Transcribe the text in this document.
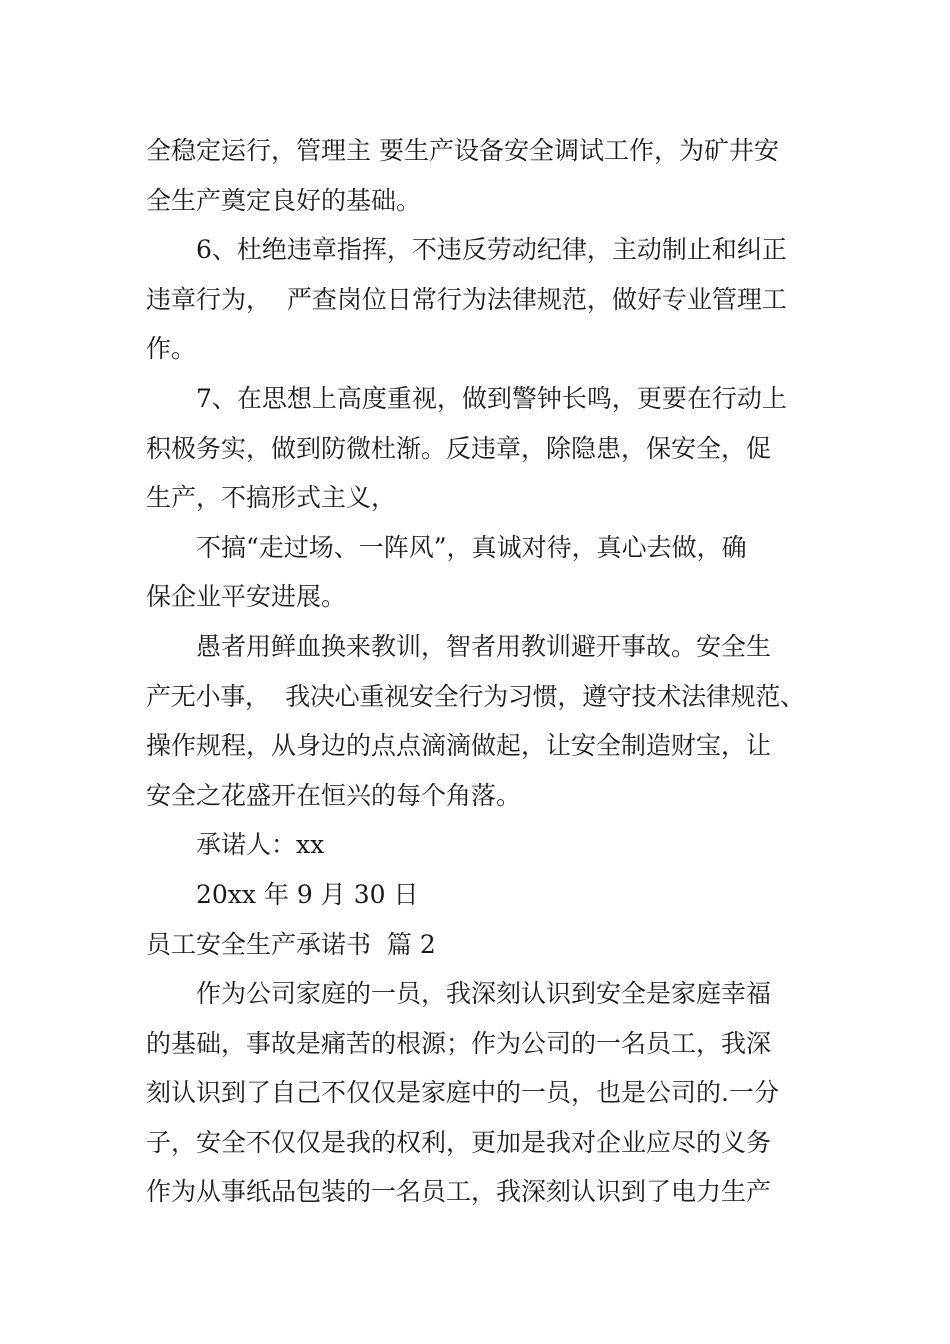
全稳定运行，管理主 要生产设备安全调试工作，为矿井安
全生产奠定良好的基础。
6、杜绝违章指挥，不违反劳动纪律，主动制止和纠正
违章行为，  严查岗位日常行为法律规范，做好专业管理工
作。
7、在思想上高度重视，做到警钟长鸣，更要在行动上
积极务实，做到防微杜渐。反违章，除隐患，保安全，促
生产，不搞形式主义，
不搞“走过场、一阵风”，真诚对待，真心去做，确
保企业平安进展。
愚者用鲜血换来教训，智者用教训避开事故。安全生
产无小事，  我决心重视安全行为习惯，遵守技术法律规范、
操作规程，从身边的点点滴滴做起，让安全制造财宝，让
安全之花盛开在恒兴的每个角落。
承诺人：xx
20xx 年 9 月 30 日
员工安全生产承诺书  篇 2
作为公司家庭的一员，我深刻认识到安全是家庭幸福
的基础，事故是痛苦的根源；作为公司的一名员工，我深
刻认识到了自己不仅仅是家庭中的一员，也是公司的.一分
子，安全不仅仅是我的权利，更加是我对企业应尽的义务
作为从事纸品包装的一名员工，我深刻认识到了电力生产
